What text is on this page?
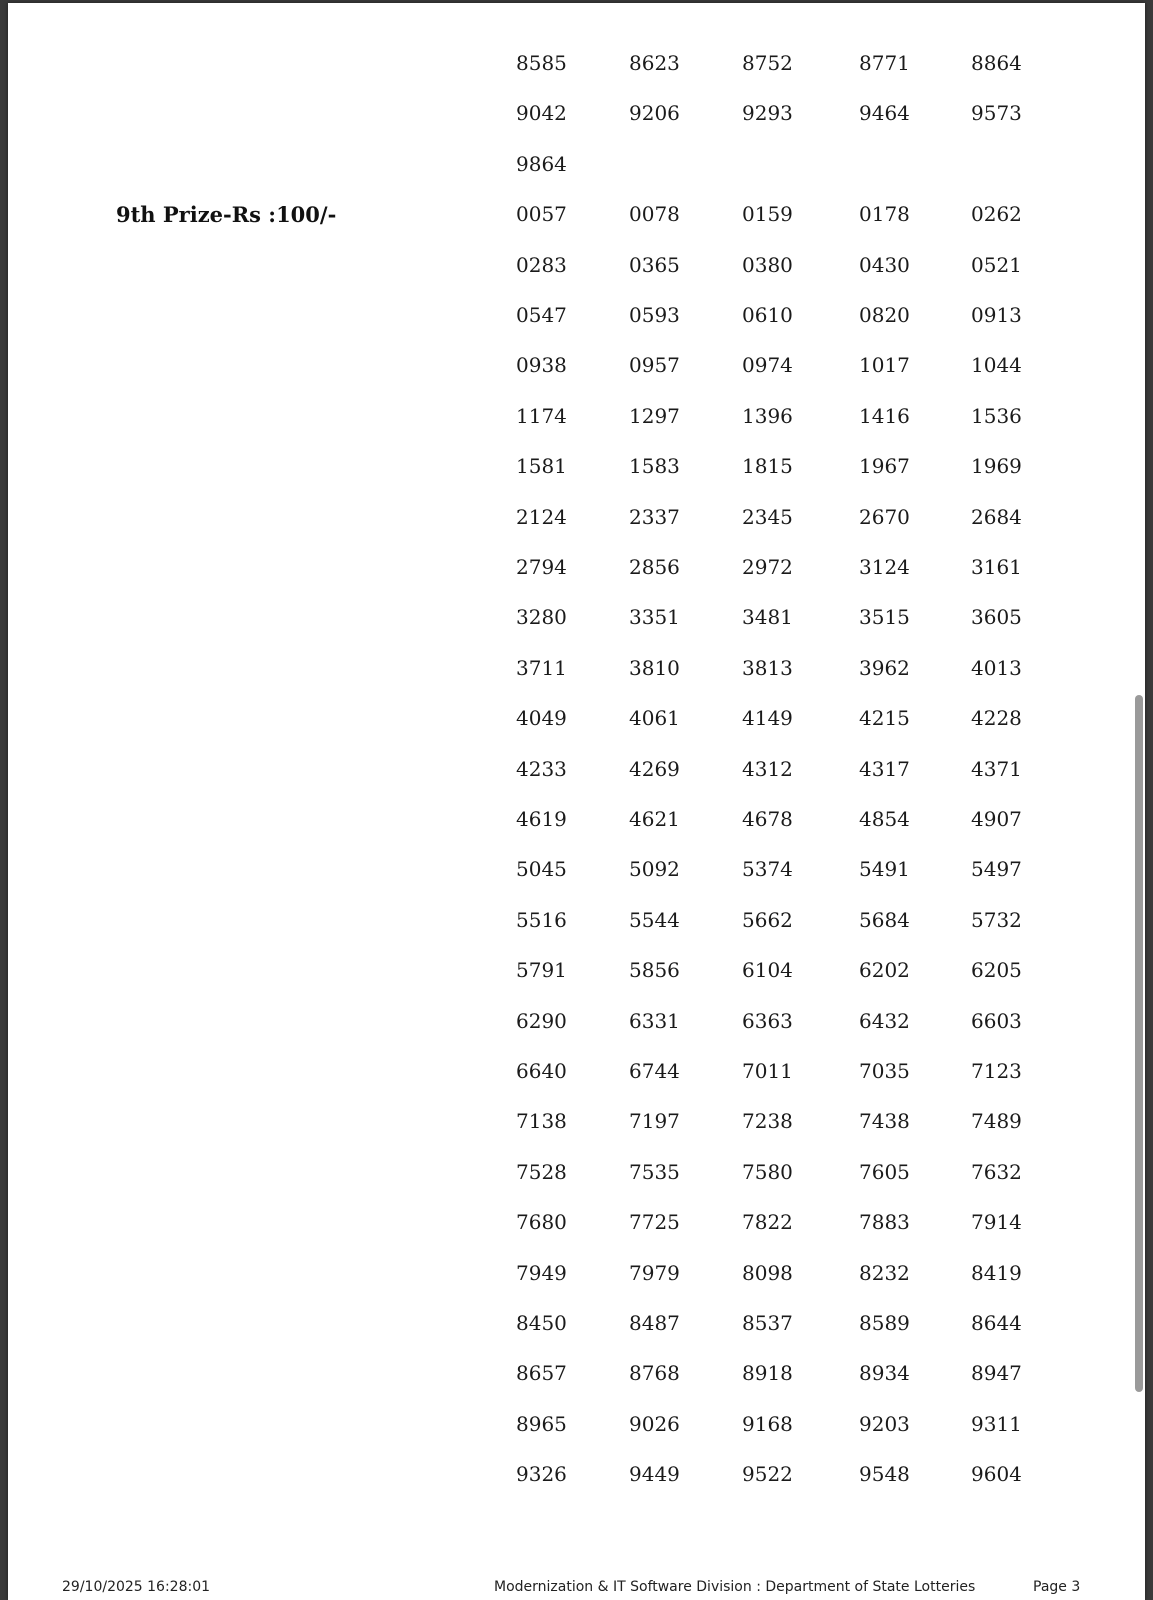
9th Prize-Rs :100/-
8585	8623	8752	8771	8864
9042	9206	9293	9464	9573
9864
0057	0078	0159	0178	0262
0283	0365	0380	0430	0521
0547	0593	0610	0820	0913
0938	0957	0974	1017	1044
1174	1297	1396	1416	1536
1581	1583	1815	1967	1969
2124	2337	2345	2670	2684
2794	2856	2972	3124	3161
3280	3351	3481	3515	3605
3711	3810	3813	3962	4013
4049	4061	4149	4215	4228
4233	4269	4312	4317	4371
4619	4621	4678	4854	4907
5045	5092	5374	5491	5497
5516	5544	5662	5684	5732
5791	5856	6104	6202	6205
6290	6331	6363	6432	6603
6640	6744	7011	7035	7123
7138	7197	7238	7438	7489
7528	7535	7580	7605	7632
7680	7725	7822	7883	7914
7949	7979	8098	8232	8419
8450	8487	8537	8589	8644
8657	8768	8918	8934	8947
8965	9026	9168	9203	9311
9326	9449	9522	9548	9604
29/10/2025 16:28:01	Modernization & IT Software Division : Department of State Lotteries	Page 3
